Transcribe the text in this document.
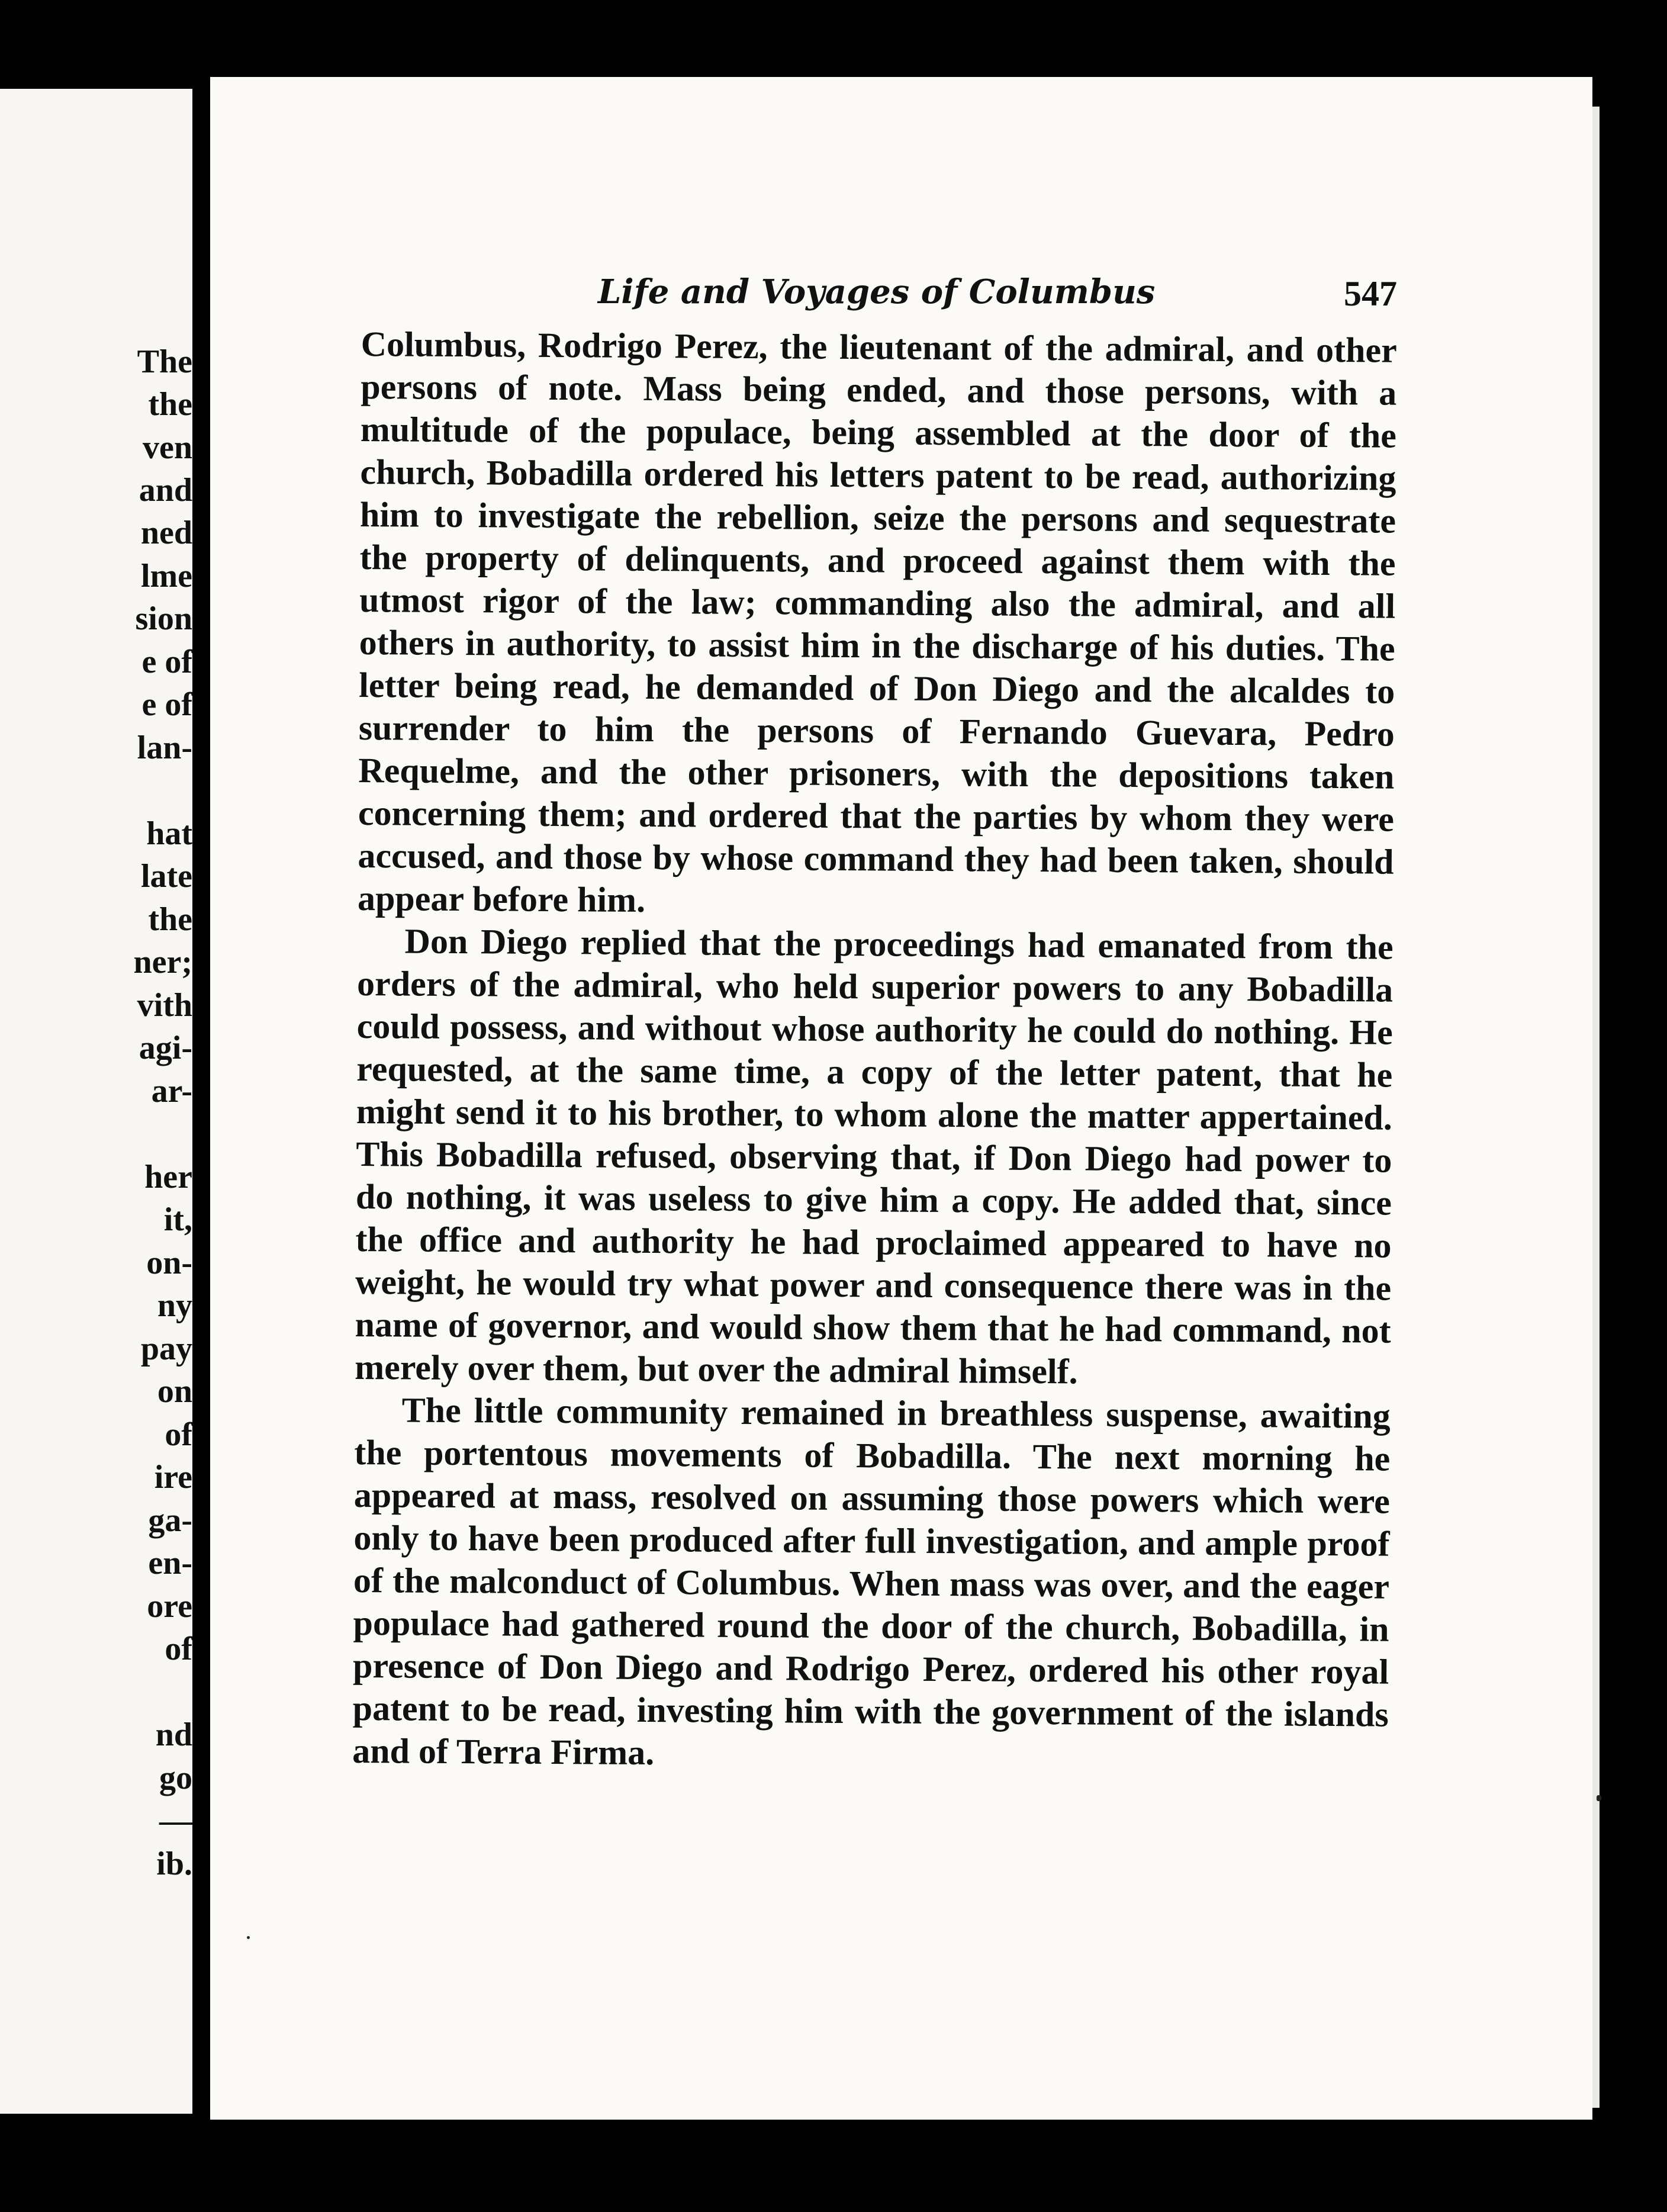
The
the
ven
and
ned
lme
sion
e of
e of
lan-
hat
late
the
ner;
vith
agi-
ar-
her
it,
on-
ny
pay
on
of
ire
ga-
en-
ore
of
nd
go
—
ib.
Life and Voyages of Columbus	547

Columbus, Rodrigo Perez, the lieutenant of the admiral, and other persons of note. Mass being ended, and those persons, with a multitude of the populace, being assembled at the door of the church, Bobadilla ordered his letters patent to be read, authorizing him to investigate the rebellion, seize the persons and sequestrate the property of delinquents, and proceed against them with the utmost rigor of the law; commanding also the admiral, and all others in authority, to assist him in the discharge of his duties. The letter being read, he demanded of Don Diego and the alcaldes to surrender to him the persons of Fernando Guevara, Pedro Requelme, and the other prisoners, with the depositions taken concerning them; and ordered that the parties by whom they were accused, and those by whose command they had been taken, should appear before him.

Don Diego replied that the proceedings had emanated from the orders of the admiral, who held superior powers to any Bobadilla could possess, and without whose authority he could do nothing. He requested, at the same time, a copy of the letter patent, that he might send it to his brother, to whom alone the matter appertained. This Bobadilla refused, observing that, if Don Diego had power to do nothing, it was useless to give him a copy. He added that, since the office and authority he had proclaimed appeared to have no weight, he would try what power and consequence there was in the name of governor, and would show them that he had command, not merely over them, but over the admiral himself.

The little community remained in breathless suspense, awaiting the portentous movements of Bobadilla. The next morning he appeared at mass, resolved on assuming those powers which were only to have been produced after full investigation, and ample proof of the malconduct of Columbus. When mass was over, and the eager populace had gathered round the door of the church, Bobadilla, in presence of Don Diego and Rodrigo Perez, ordered his other royal patent to be read, investing him with the government of the islands and of Terra Firma.
